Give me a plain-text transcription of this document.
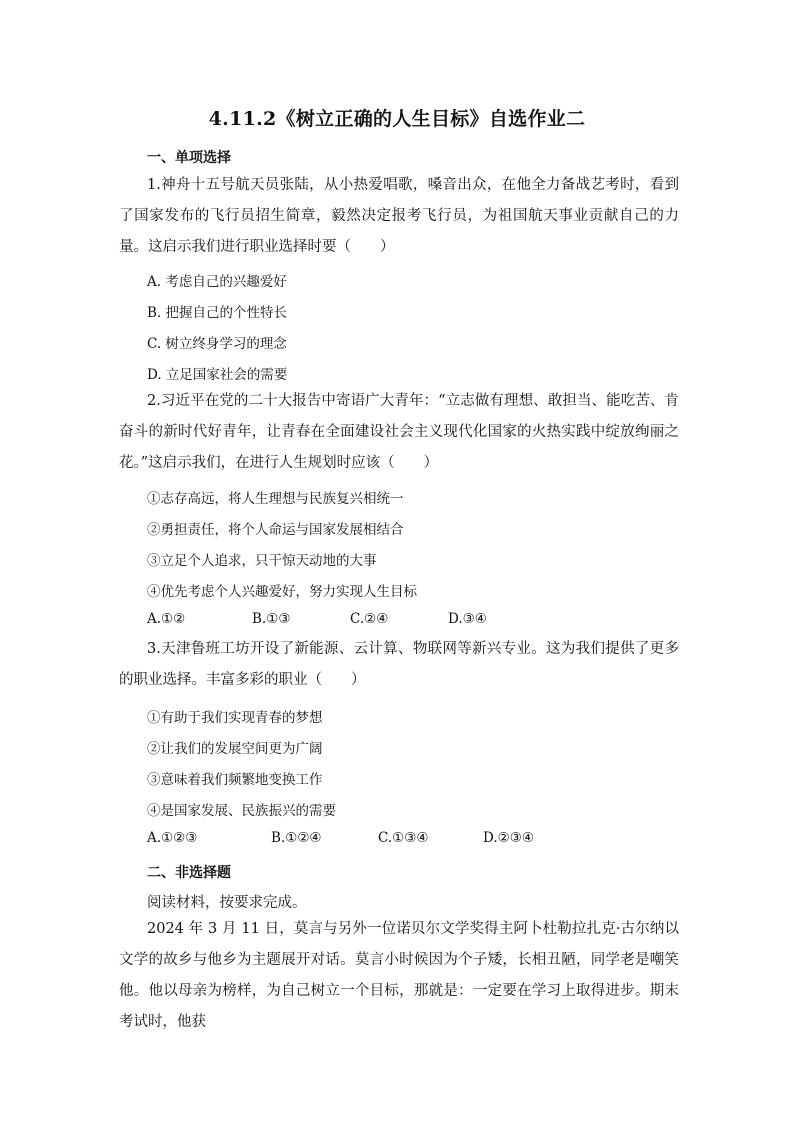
4.11.2《树立正确的人生目标》自选作业二
一、单项选择

1.神舟十五号航天员张陆，从小热爱唱歌，嗓音出众，在他全力备战艺考时，看到了国家发布的飞行员招生简章，毅然决定报考飞行员，为祖国航天事业贡献自己的力量。这启示我们进行职业选择时要（　　）

A. 考虑自己的兴趣爱好

B. 把握自己的个性特长

C. 树立终身学习的理念

D. 立足国家社会的需要

2.习近平在党的二十大报告中寄语广大青年：“立志做有理想、敢担当、能吃苦、肯奋斗的新时代好青年，让青春在全面建设社会主义现代化国家的火热实践中绽放绚丽之花。”这启示我们，在进行人生规划时应该（　　）

①志存高远，将人生理想与民族复兴相统一

②勇担责任，将个人命运与国家发展相结合

③立足个人追求，只干惊天动地的大事

④优先考虑个人兴趣爱好，努力实现人生目标

A.①②	B.①③	C.②④	D.③④

3.天津鲁班工坊开设了新能源、云计算、物联网等新兴专业。这为我们提供了更多的职业选择。丰富多彩的职业（　　）

①有助于我们实现青春的梦想

②让我们的发展空间更为广阔

③意味着我们频繁地变换工作

④是国家发展、民族振兴的需要

A.①②③	B.①②④	C.①③④	D.②③④
二、非选择题

阅读材料，按要求完成。

2024 年 3 月 11 日，莫言与另外一位诺贝尔文学奖得主阿卜杜勒拉扎克·古尔纳以文学的故乡与他乡为主题展开对话。莫言小时候因为个子矮，长相丑陋，同学老是嘲笑他。他以母亲为榜样，为自己树立一个目标，那就是：一定要在学习上取得进步。期末考试时，他获
